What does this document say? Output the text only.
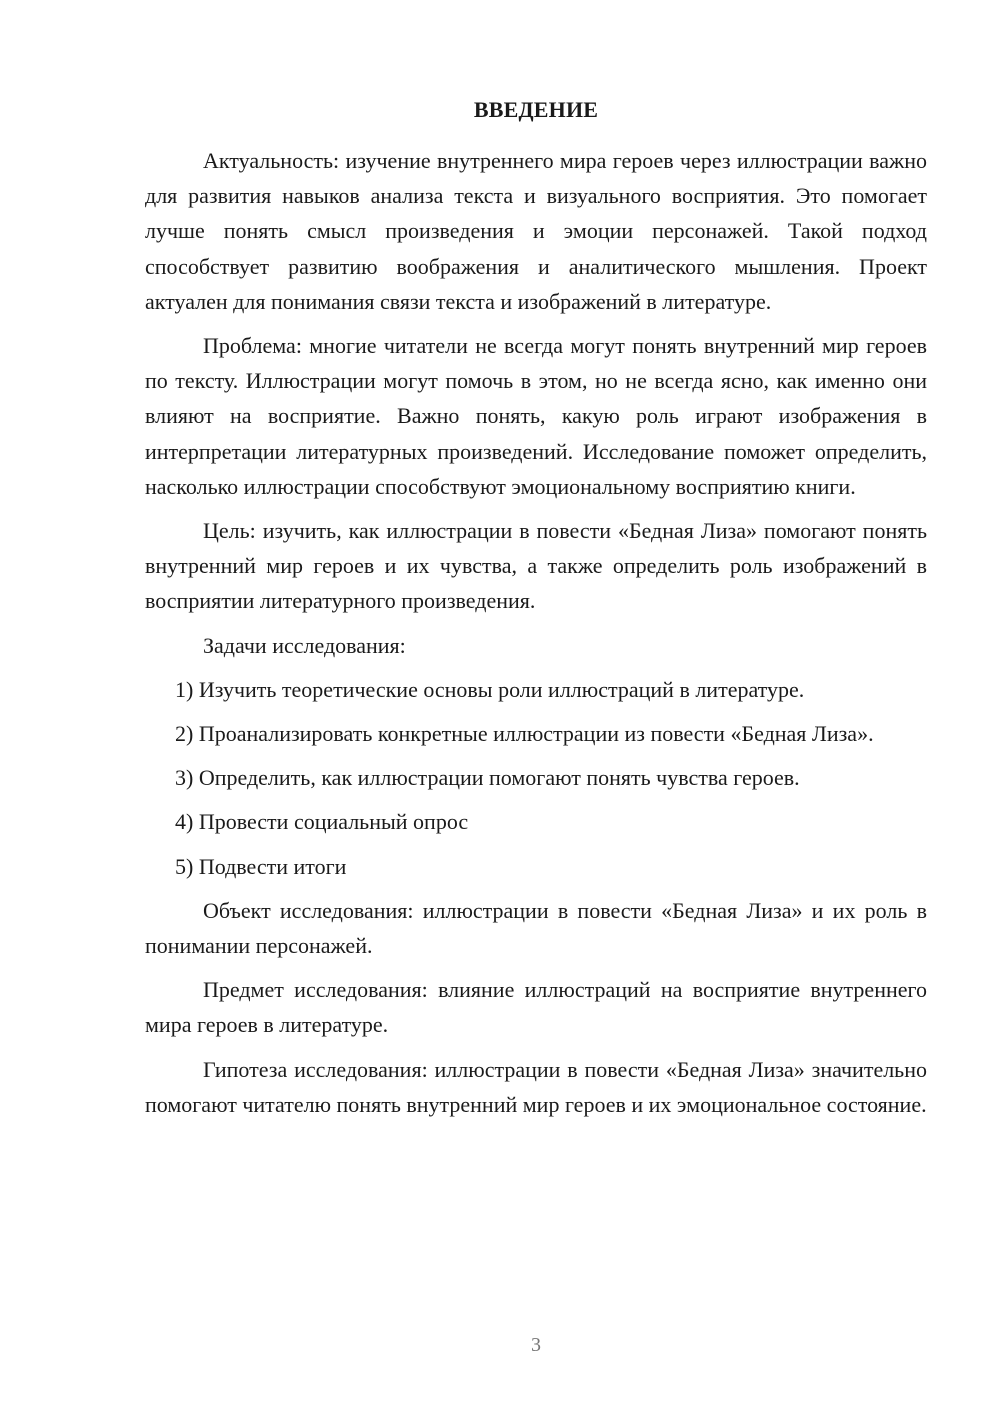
ВВЕДЕНИЕ

Актуальность: изучение внутреннего мира героев через иллюстрации важно для развития навыков анализа текста и визуального восприятия. Это помогает лучше понять смысл произведения и эмоции персонажей. Такой подход способствует развитию воображения и аналитического мышления. Проект актуален для понимания связи текста и изображений в литературе.

Проблема: многие читатели не всегда могут понять внутренний мир героев по тексту. Иллюстрации могут помочь в этом, но не всегда ясно, как именно они влияют на восприятие. Важно понять, какую роль играют изображения в интерпретации литературных произведений. Исследование поможет определить, насколько иллюстрации способствуют эмоциональному восприятию книги.

Цель: изучить, как иллюстрации в повести «Бедная Лиза» помогают понять внутренний мир героев и их чувства, а также определить роль изображений в восприятии литературного произведения.

Задачи исследования:

1) Изучить теоретические основы роли иллюстраций в литературе.

2) Проанализировать конкретные иллюстрации из повести «Бедная Лиза».

3) Определить, как иллюстрации помогают понять чувства героев.

4) Провести социальный опрос

5) Подвести итоги

Объект исследования: иллюстрации в повести «Бедная Лиза» и их роль в понимании персонажей.

Предмет исследования: влияние иллюстраций на восприятие внутреннего мира героев в литературе.

Гипотеза исследования: иллюстрации в повести «Бедная Лиза» значительно помогают читателю понять внутренний мир героев и их эмоциональное состояние.

3
